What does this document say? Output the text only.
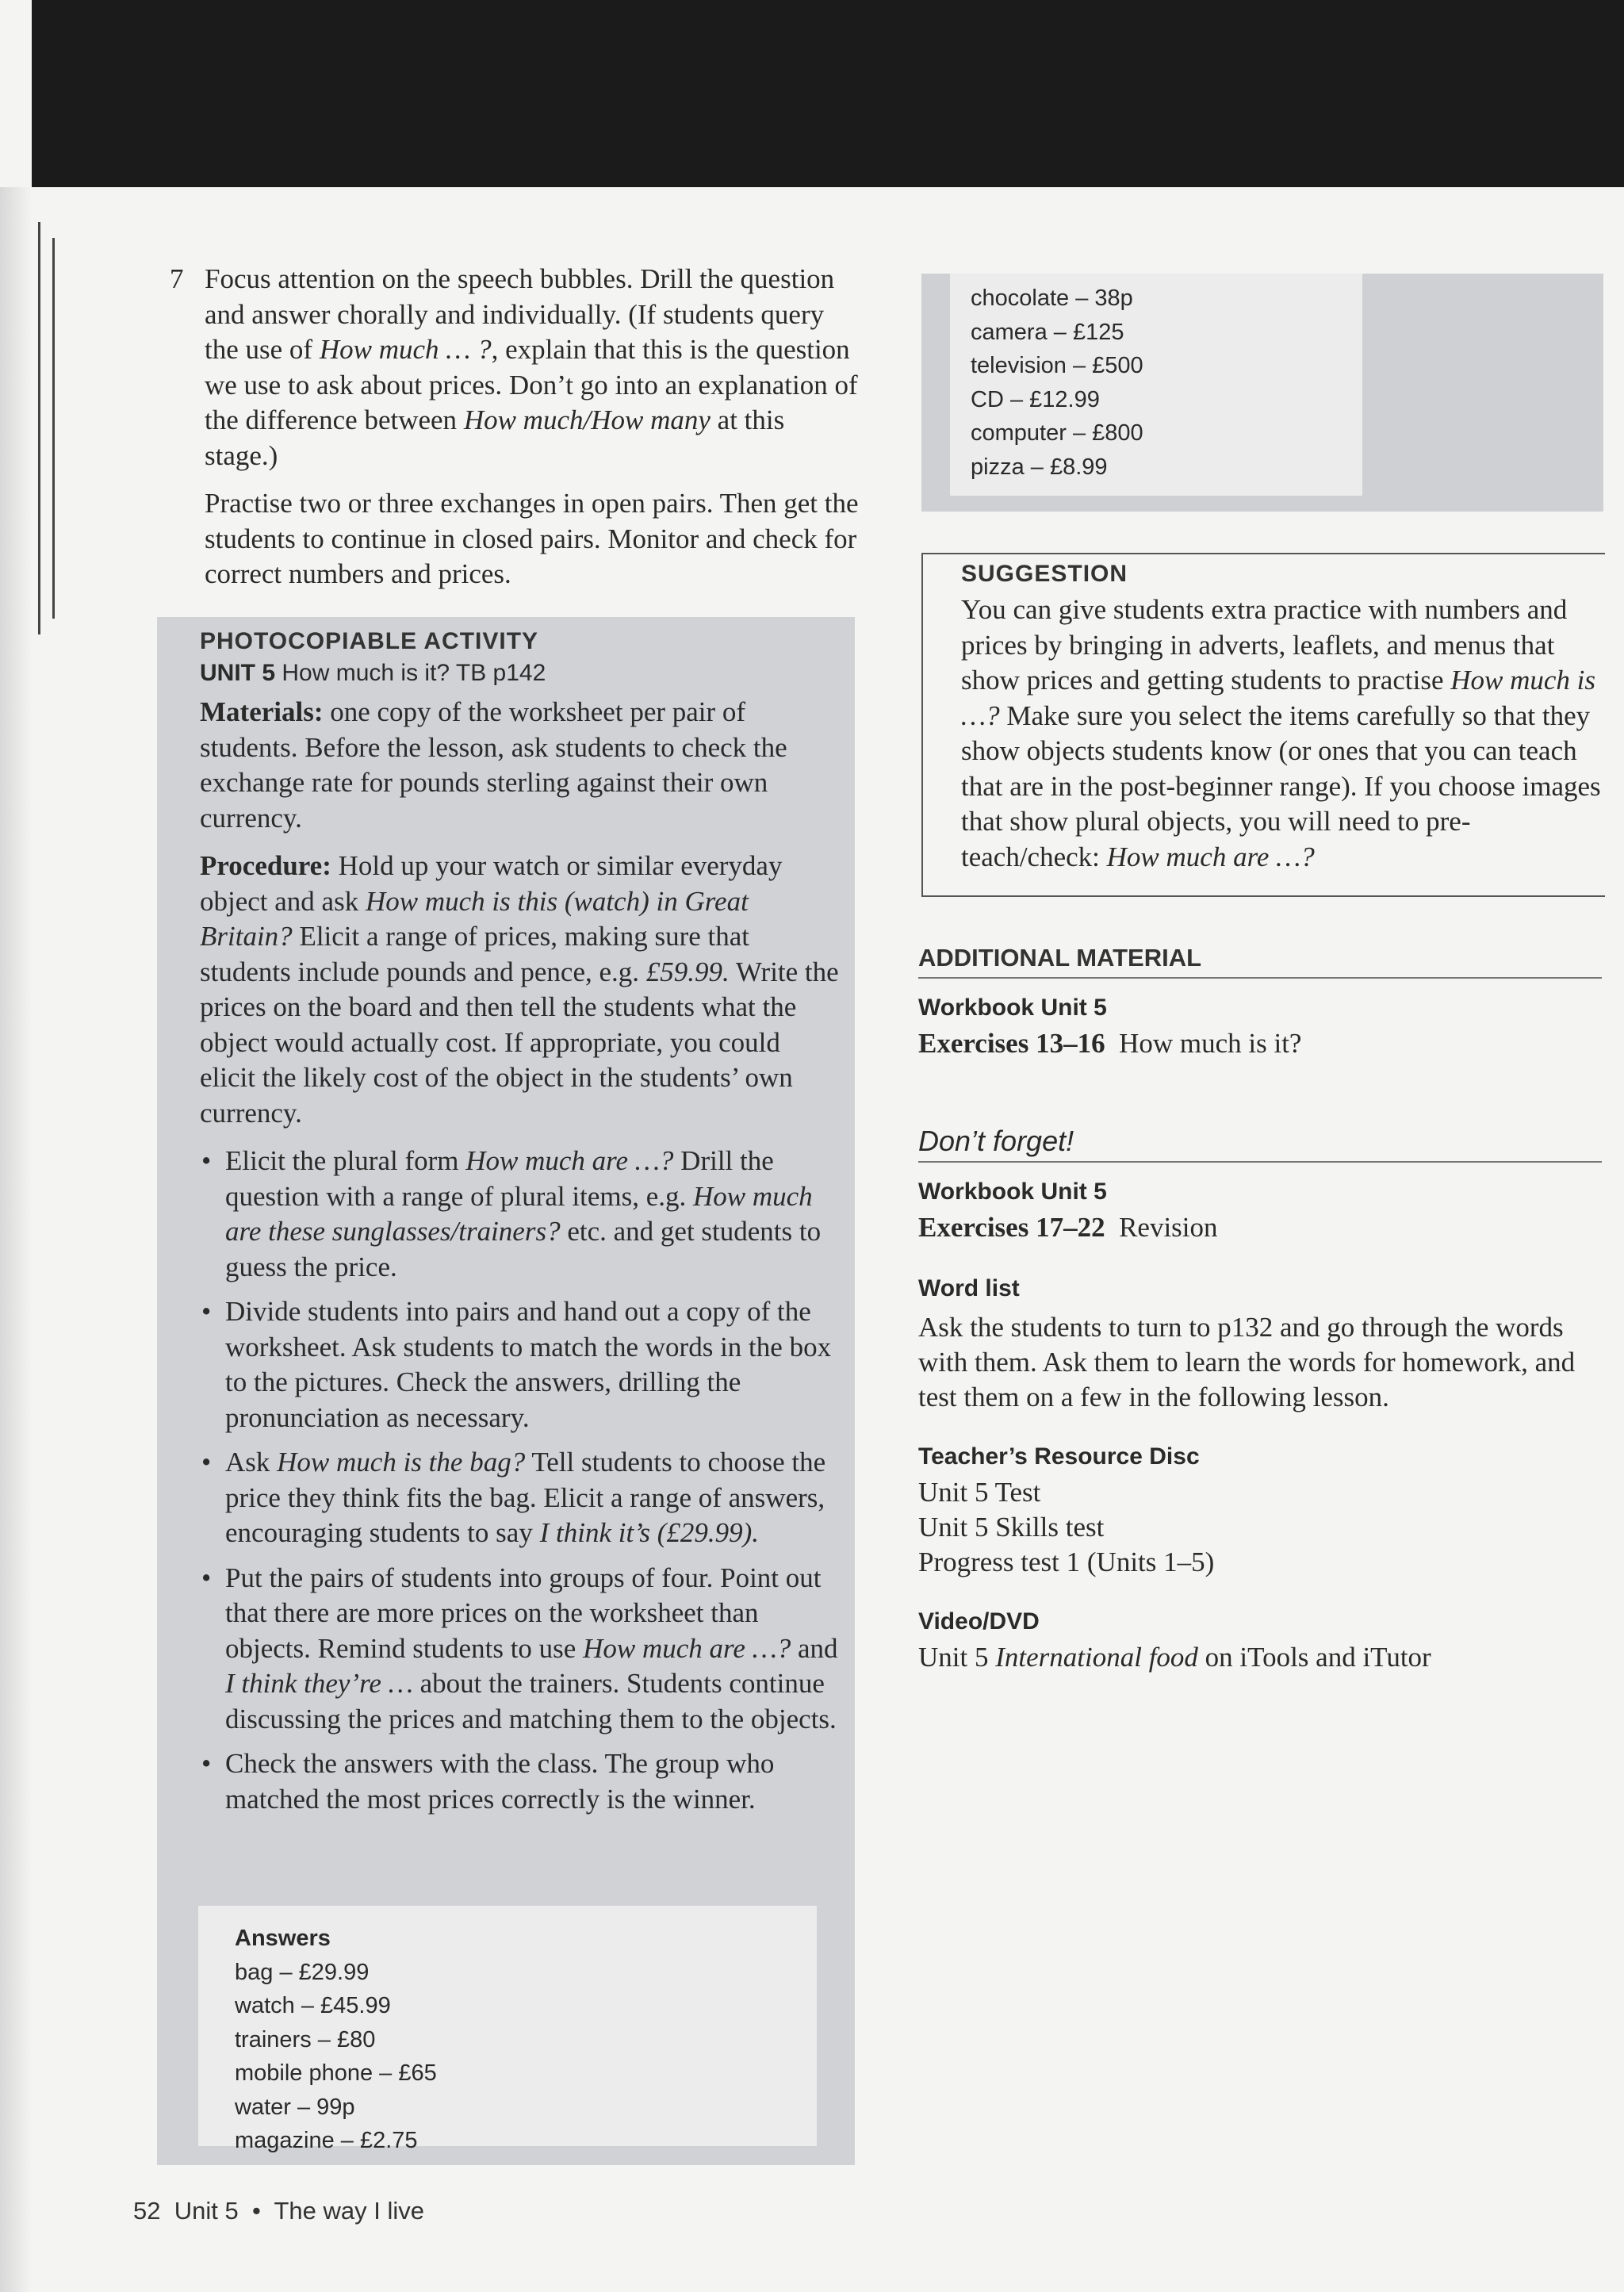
7 Focus attention on the speech bubbles. Drill the question and answer chorally and individually. (If students query the use of How much … ?, explain that this is the question we use to ask about prices. Don’t go into an explanation of the difference between How much/How many at this stage.)

Practise two or three exchanges in open pairs. Then get the students to continue in closed pairs. Monitor and check for correct numbers and prices.

PHOTOCOPIABLE ACTIVITY

UNIT 5 How much is it? TB p142

Materials: one copy of the worksheet per pair of students. Before the lesson, ask students to check the exchange rate for pounds sterling against their own currency.

Procedure: Hold up your watch or similar everyday object and ask How much is this (watch) in Great Britain? Elicit a range of prices, making sure that students include pounds and pence, e.g. £59.99. Write the prices on the board and then tell the students what the object would actually cost. If appropriate, you could elicit the likely cost of the object in the students’ own currency.

• Elicit the plural form How much are …? Drill the question with a range of plural items, e.g. How much are these sunglasses/trainers? etc. and get students to guess the price.
• Divide students into pairs and hand out a copy of the worksheet. Ask students to match the words in the box to the pictures. Check the answers, drilling the pronunciation as necessary.
• Ask How much is the bag? Tell students to choose the price they think fits the bag. Elicit a range of answers, encouraging students to say I think it’s (£29.99).
• Put the pairs of students into groups of four. Point out that there are more prices on the worksheet than objects. Remind students to use How much are …? and I think they’re … about the trainers. Students continue discussing the prices and matching them to the objects.
• Check the answers with the class. The group who matched the most prices correctly is the winner.
Answers
bag – £29.99
watch – £45.99
trainers – £80
mobile phone – £65
water – 99p
magazine – £2.75
chocolate – 38p
camera – £125
television – £500
CD – £12.99
computer – £800
pizza – £8.99

SUGGESTION

You can give students extra practice with numbers and prices by bringing in adverts, leaflets, and menus that show prices and getting students to practise How much is …? Make sure you select the items carefully so that they show objects students know (or ones that you can teach that are in the post-beginner range). If you choose images that show plural objects, you will need to pre-teach/check: How much are …?

ADDITIONAL MATERIAL

Workbook Unit 5

Exercises 13–16 How much is it?

Don’t forget!

Workbook Unit 5

Exercises 17–22 Revision

Word list

Ask the students to turn to p132 and go through the words with them. Ask them to learn the words for homework, and test them on a few in the following lesson.

Teacher’s Resource Disc

Unit 5 Test

Unit 5 Skills test

Progress test 1 (Units 1–5)

Video/DVD

Unit 5 International food on iTools and iTutor

52 Unit 5 • The way I live
